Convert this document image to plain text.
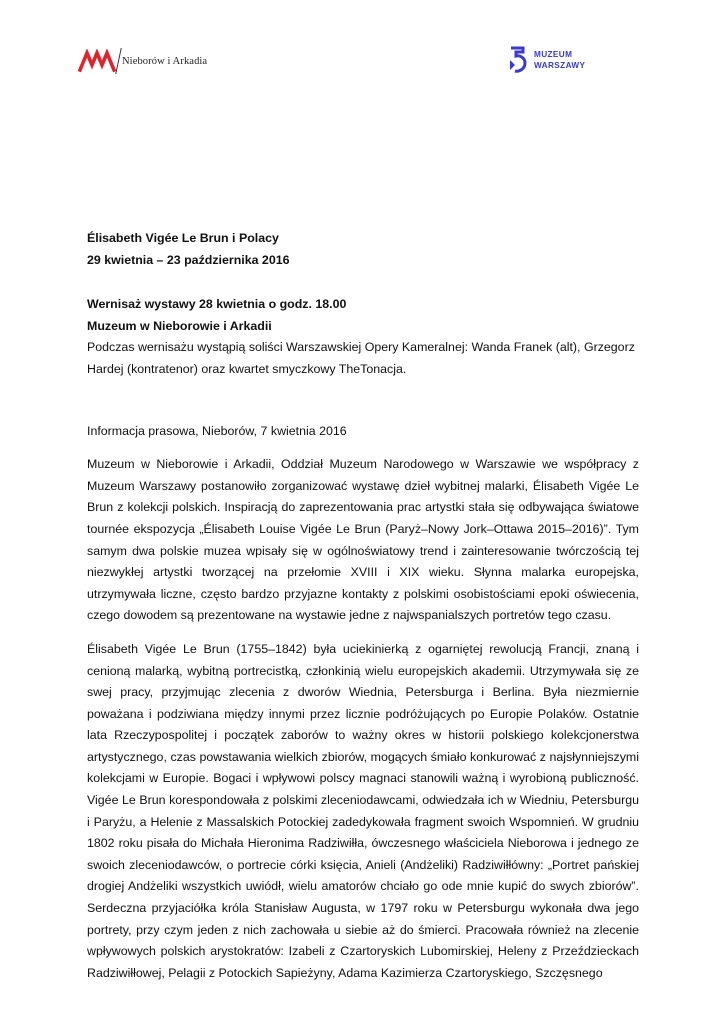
Nieborów i Arkadia
MUZEUM
WARSZAWY

Élisabeth Vigée Le Brun i Polacy

29 kwietnia – 23 października 2016

Wernisaż wystawy 28 kwietnia o godz. 18.00

Muzeum w Nieborowie i Arkadii

Podczas wernisażu wystąpią soliści Warszawskiej Opery Kameralnej: Wanda Franek (alt), Grzegorz

Hardej (kontratenor) oraz kwartet smyczkowy TheTonacja.

Informacja prasowa, Nieborów, 7 kwietnia 2016

Muzeum w Nieborowie i Arkadii, Oddział Muzeum Narodowego w Warszawie we współpracy z Muzeum Warszawy postanowiło zorganizować wystawę dzieł wybitnej malarki, Élisabeth Vigée Le Brun z kolekcji polskich. Inspiracją do zaprezentowania prac artystki stała się odbywająca światowe tournée ekspozycja „Élisabeth Louise Vigée Le Brun (Paryż–Nowy Jork–Ottawa 2015–2016)”. Tym samym dwa polskie muzea wpisały się w ogólnoświatowy trend i zainteresowanie twórczością tej niezwykłej artystki tworzącej na przełomie XVIII i XIX wieku. Słynna malarka europejska, utrzymywała liczne, często bardzo przyjazne kontakty z polskimi osobistościami epoki oświecenia, czego dowodem są prezentowane na wystawie jedne z najwspanialszych portretów tego czasu.

Élisabeth Vigée Le Brun (1755–1842) była uciekinierką z ogarniętej rewolucją Francji, znaną i cenioną malarką, wybitną portrecistką, członkinią wielu europejskich akademii. Utrzymywała się ze swej pracy, przyjmując zlecenia z dworów Wiednia, Petersburga i Berlina. Była niezmiernie poważana i podziwiana między innymi przez licznie podróżujących po Europie Polaków. Ostatnie lata Rzeczypospolitej i początek zaborów to ważny okres w historii polskiego kolekcjonerstwa artystycznego, czas powstawania wielkich zbiorów, mogących śmiało konkurować z najsłynniejszymi kolekcjami w Europie. Bogaci i wpływowi polscy magnaci stanowili ważną i wyrobioną publiczność. Vigée Le Brun korespondowała z polskimi zleceniodawcami, odwiedzała ich w Wiedniu, Petersburgu i Paryżu, a Helenie z Massalskich Potockiej zadedykowała fragment swoich Wspomnień. W grudniu 1802 roku pisała do Michała Hieronima Radziwiłła, ówczesnego właściciela Nieborowa i jednego ze swoich zleceniodawców, o portrecie córki księcia, Anieli (Andżeliki) Radziwiłłówny: „Portret pańskiej drogiej Andżeliki wszystkich uwiódł, wielu amatorów chciało go ode mnie kupić do swych zbiorów”. Serdeczna przyjaciółka króla Stanisław Augusta, w 1797 roku w Petersburgu wykonała dwa jego portrety, przy czym jeden z nich zachowała u siebie aż do śmierci. Pracowała również na zlecenie wpływowych polskich arystokratów: Izabeli z Czartoryskich Lubomirskiej, Heleny z Przeździeckach Radziwiłłowej, Pelagii z Potockich Sapieżyny, Adama Kazimierza Czartoryskiego, Szczęsnego
